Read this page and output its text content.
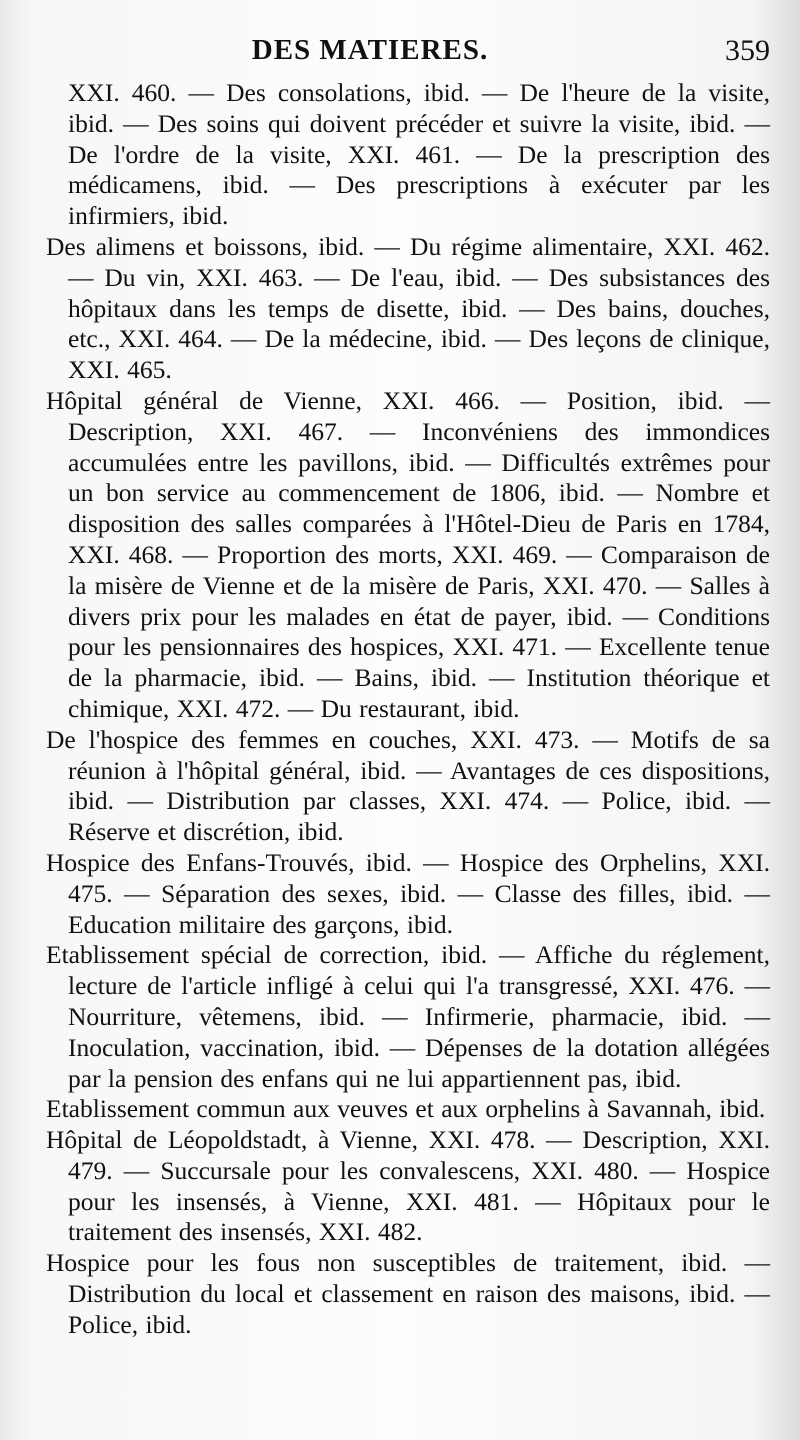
DES MATIERES.	359

XXI. 460. — Des consolations, ibid. — De l'heure de la visite, ibid. — Des soins qui doivent précéder et suivre la visite, ibid. — De l'ordre de la visite, XXI. 461. — De la prescription des médicamens, ibid. — Des prescriptions à exécuter par les infirmiers, ibid.

Des alimens et boissons, ibid. — Du régime alimentaire, XXI. 462. — Du vin, XXI. 463. — De l'eau, ibid. — Des subsistances des hôpitaux dans les temps de disette, ibid. — Des bains, douches, etc., XXI. 464. — De la médecine, ibid. — Des leçons de clinique, XXI. 465.

Hôpital général de Vienne, XXI. 466. — Position, ibid. — Description, XXI. 467. — Inconvéniens des immondices accumulées entre les pavillons, ibid. — Difficultés extrêmes pour un bon service au commencement de 1806, ibid. — Nombre et disposition des salles comparées à l'Hôtel-Dieu de Paris en 1784, XXI. 468. — Proportion des morts, XXI. 469. — Comparaison de la misère de Vienne et de la misère de Paris, XXI. 470. — Salles à divers prix pour les malades en état de payer, ibid. — Conditions pour les pensionnaires des hospices, XXI. 471. — Excellente tenue de la pharmacie, ibid. — Bains, ibid. — Institution théorique et chimique, XXI. 472. — Du restaurant, ibid.

De l'hospice des femmes en couches, XXI. 473. — Motifs de sa réunion à l'hôpital général, ibid. — Avantages de ces dispositions, ibid. — Distribution par classes, XXI. 474. — Police, ibid. — Réserve et discrétion, ibid.

Hospice des Enfans-Trouvés, ibid. — Hospice des Orphelins, XXI. 475. — Séparation des sexes, ibid. — Classe des filles, ibid. — Education militaire des garçons, ibid.

Etablissement spécial de correction, ibid. — Affiche du réglement, lecture de l'article infligé à celui qui l'a transgressé, XXI. 476. — Nourriture, vêtemens, ibid. — Infirmerie, pharmacie, ibid. — Inoculation, vaccination, ibid. — Dépenses de la dotation allégées par la pension des enfans qui ne lui appartiennent pas, ibid.

Etablissement commun aux veuves et aux orphelins à Savannah, ibid.

Hôpital de Léopoldstadt, à Vienne, XXI. 478. — Description, XXI. 479. — Succursale pour les convalescens, XXI. 480. — Hospice pour les insensés, à Vienne, XXI. 481. — Hôpitaux pour le traitement des insensés, XXI. 482.

Hospice pour les fous non susceptibles de traitement, ibid. — Distribution du local et classement en raison des maisons, ibid. — Police, ibid.
